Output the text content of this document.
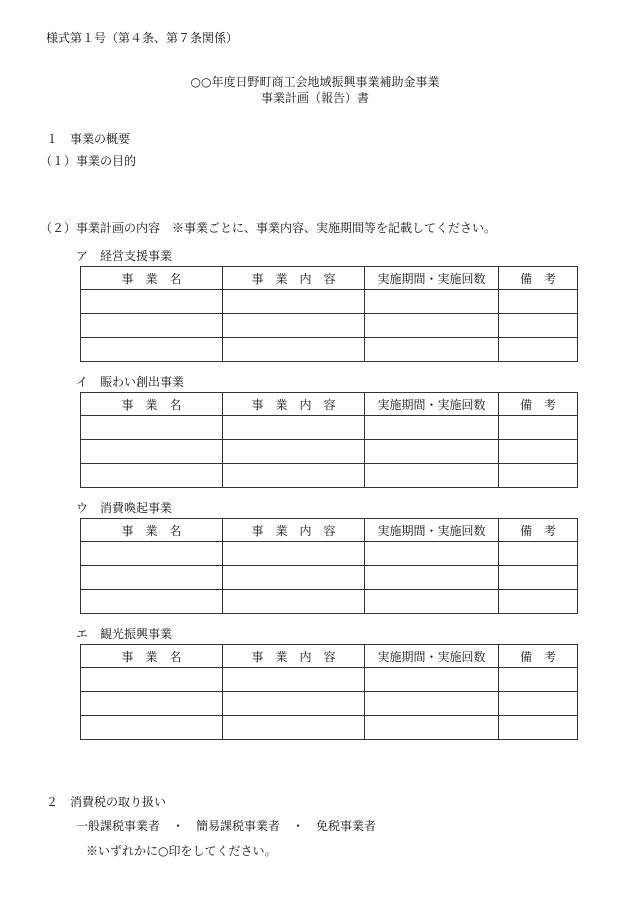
様式第１号（第４条、第７条関係）
○○年度日野町商工会地域振興事業補助金事業
事業計画（報告）書
１　事業の概要
（１）事業の目的
（２）事業計画の内容　※事業ごとに、事業内容、実施期間等を記載してください。
ア　経営支援事業
事　業　名	事　業　内　容	実施期間・実施回数	備　考

イ　賑わい創出事業
事　業　名	事　業　内　容	実施期間・実施回数	備　考

ウ　消費喚起事業
事　業　名	事　業　内　容	実施期間・実施回数	備　考

エ　観光振興事業
事　業　名	事　業　内　容	実施期間・実施回数	備　考

２　消費税の取り扱い
一般課税事業者　・　簡易課税事業者　・　免税事業者
※いずれかに○印をしてください。
